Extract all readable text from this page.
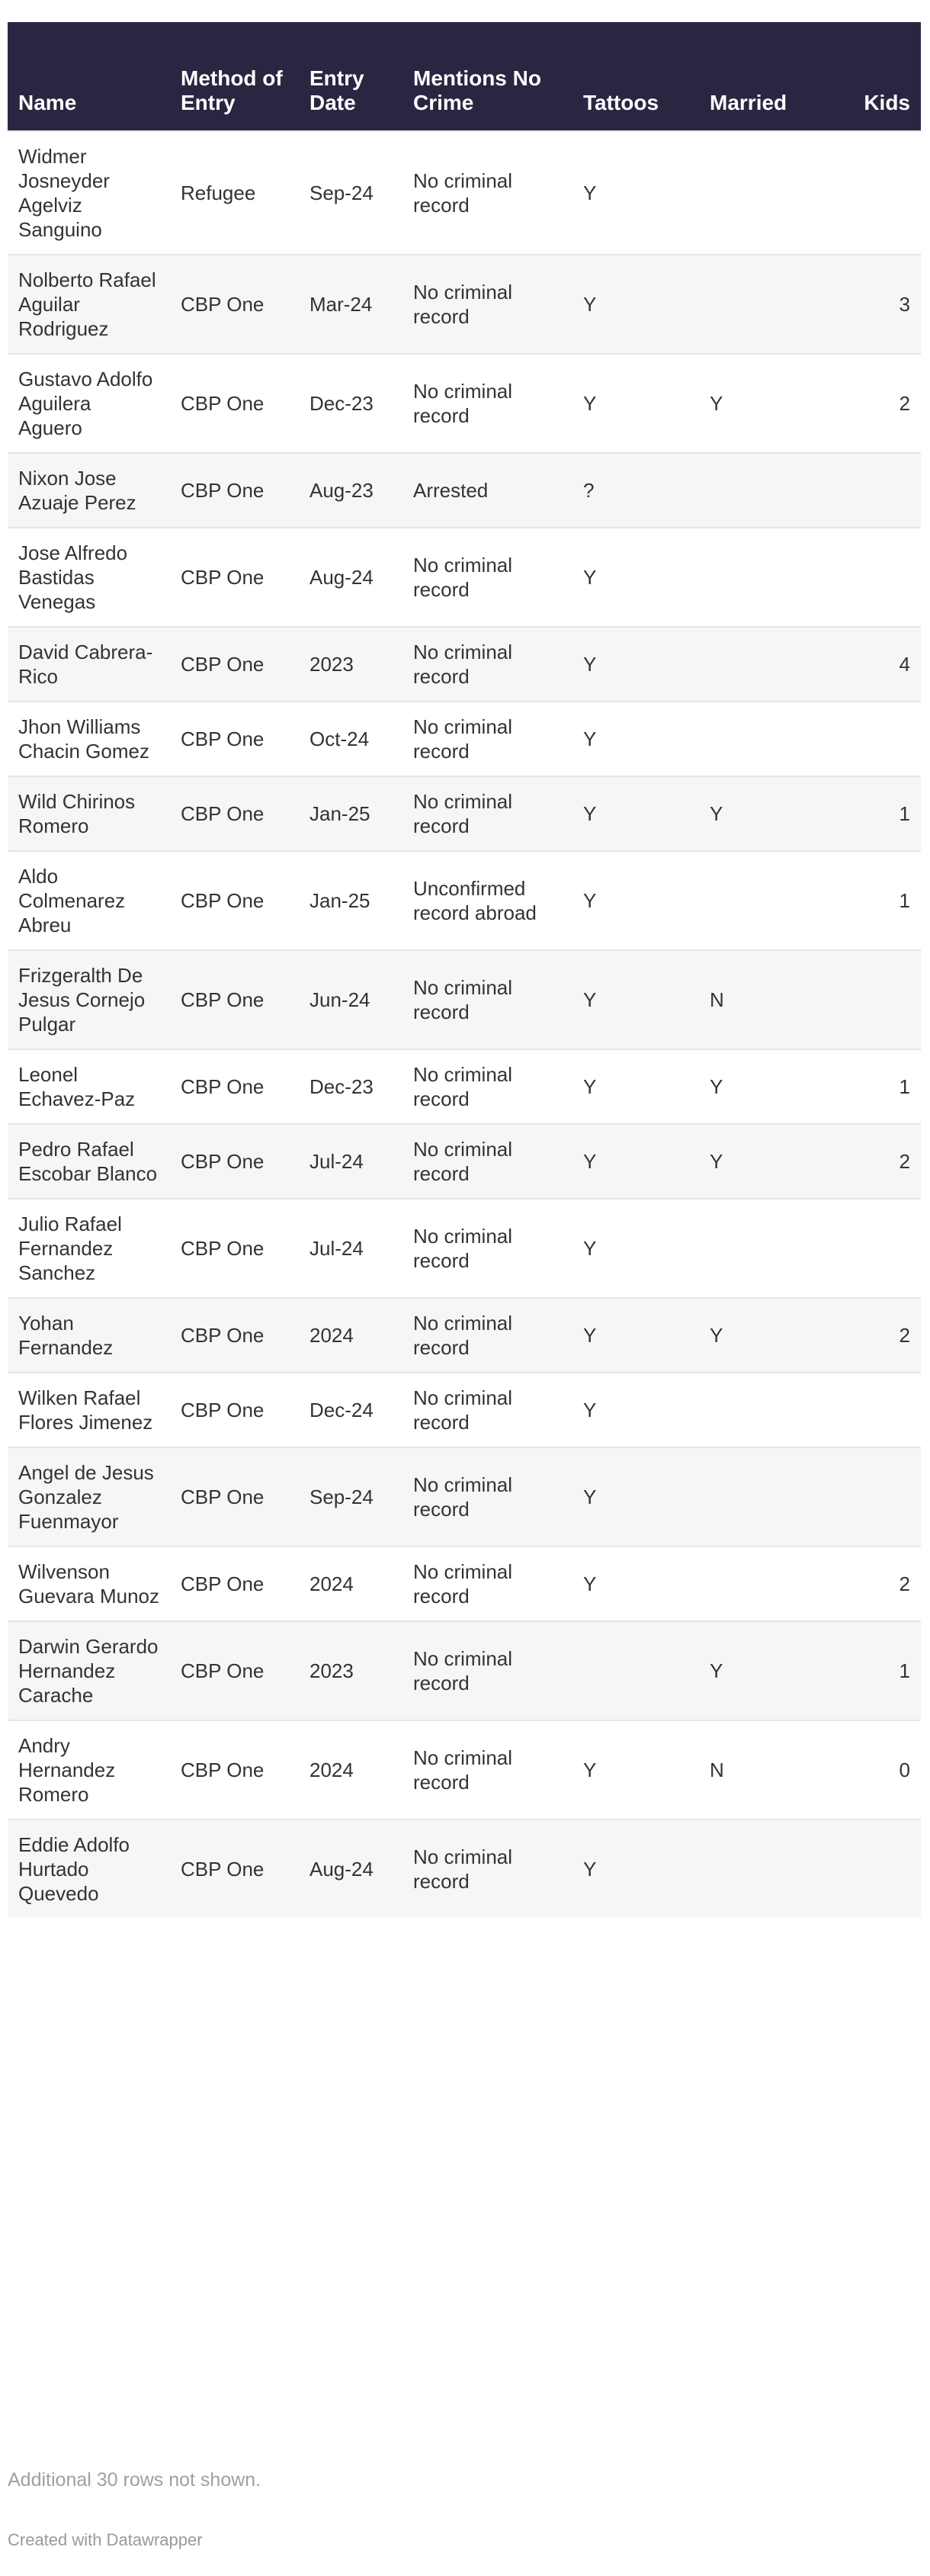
Name	Method of Entry	Entry Date	Mentions No Crime	Tattoos	Married	Kids
Widmer Josneyder Agelviz Sanguino	Refugee	Sep-24	No criminal record	Y		
Nolberto Rafael Aguilar Rodriguez	CBP One	Mar-24	No criminal record	Y		3
Gustavo Adolfo Aguilera Aguero	CBP One	Dec-23	No criminal record	Y	Y	2
Nixon Jose Azuaje Perez	CBP One	Aug-23	Arrested	?		
Jose Alfredo Bastidas Venegas	CBP One	Aug-24	No criminal record	Y		
David Cabrera-Rico	CBP One	2023	No criminal record	Y		4
Jhon Williams Chacin Gomez	CBP One	Oct-24	No criminal record	Y		
Wild Chirinos Romero	CBP One	Jan-25	No criminal record	Y	Y	1
Aldo Colmenarez Abreu	CBP One	Jan-25	Unconfirmed record abroad	Y		1
Frizgeralth De Jesus Cornejo Pulgar	CBP One	Jun-24	No criminal record	Y	N	
Leonel Echavez-Paz	CBP One	Dec-23	No criminal record	Y	Y	1
Pedro Rafael Escobar Blanco	CBP One	Jul-24	No criminal record	Y	Y	2
Julio Rafael Fernandez Sanchez	CBP One	Jul-24	No criminal record	Y		
Yohan Fernandez	CBP One	2024	No criminal record	Y	Y	2
Wilken Rafael Flores Jimenez	CBP One	Dec-24	No criminal record	Y		
Angel de Jesus Gonzalez Fuenmayor	CBP One	Sep-24	No criminal record	Y		
Wilvenson Guevara Munoz	CBP One	2024	No criminal record	Y		2
Darwin Gerardo Hernandez Carache	CBP One	2023	No criminal record		Y	1
Andry Hernandez Romero	CBP One	2024	No criminal record	Y	N	0
Eddie Adolfo Hurtado Quevedo	CBP One	Aug-24	No criminal record	Y		
Additional 30 rows not shown.
Created with Datawrapper
